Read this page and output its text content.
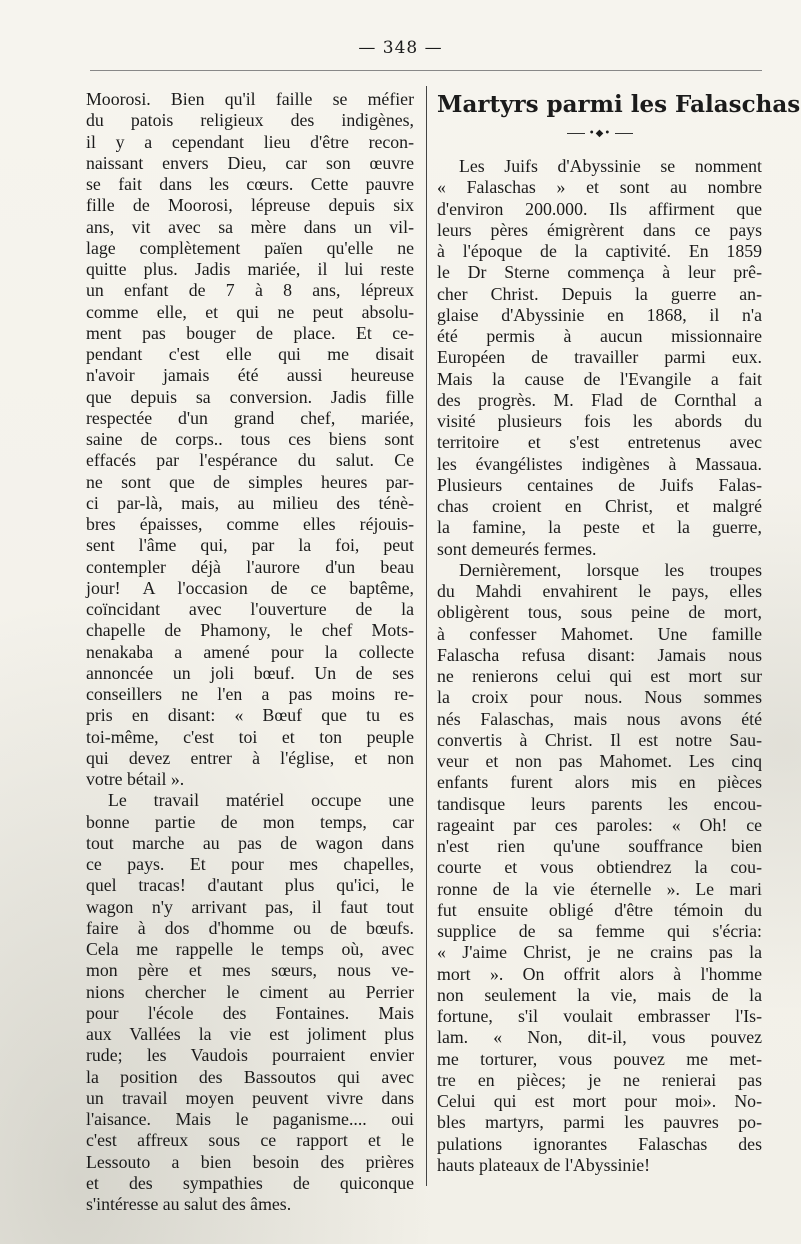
— 348 —
Moorosi. Bien qu'il faille se méfier
du patois religieux des indigènes,
il y a cependant lieu d'être recon-
naissant envers Dieu, car son œuvre
se fait dans les cœurs. Cette pauvre
fille de Moorosi, lépreuse depuis six
ans, vit avec sa mère dans un vil-
lage complètement païen qu'elle ne
quitte plus. Jadis mariée, il lui reste
un enfant de 7 à 8 ans, lépreux
comme elle, et qui ne peut absolu-
ment pas bouger de place. Et ce-
pendant c'est elle qui me disait
n'avoir jamais été aussi heureuse
que depuis sa conversion. Jadis fille
respectée d'un grand chef, mariée,
saine de corps.. tous ces biens sont
effacés par l'espérance du salut. Ce
ne sont que de simples heures par-
ci par-là, mais, au milieu des ténè-
bres épaisses, comme elles réjouis-
sent l'âme qui, par la foi, peut
contempler déjà l'aurore d'un beau
jour! A l'occasion de ce baptême,
coïncidant avec l'ouverture de la
chapelle de Phamony, le chef Mots-
nenakaba a amené pour la collecte
annoncée un joli bœuf. Un de ses
conseillers ne l'en a pas moins re-
pris en disant: « Bœuf que tu es
toi-même, c'est toi et ton peuple
qui devez entrer à l'église, et non
votre bétail ».
Le travail matériel occupe une
bonne partie de mon temps, car
tout marche au pas de wagon dans
ce pays. Et pour mes chapelles,
quel tracas! d'autant plus qu'ici, le
wagon n'y arrivant pas, il faut tout
faire à dos d'homme ou de bœufs.
Cela me rappelle le temps où, avec
mon père et mes sœurs, nous ve-
nions chercher le ciment au Perrier
pour l'école des Fontaines. Mais
aux Vallées la vie est joliment plus
rude; les Vaudois pourraient envier
la position des Bassoutos qui avec
un travail moyen peuvent vivre dans
l'aisance. Mais le paganisme.... oui
c'est affreux sous ce rapport et le
Lessouto a bien besoin des prières
et des sympathies de quiconque
s'intéresse au salut des âmes.
Martyrs parmi les Falaschas
•◆•
Les Juifs d'Abyssinie se nomment
« Falaschas » et sont au nombre
d'environ 200.000. Ils affirment que
leurs pères émigrèrent dans ce pays
à l'époque de la captivité. En 1859
le Dr Sterne commença à leur prê-
cher Christ. Depuis la guerre an-
glaise d'Abyssinie en 1868, il n'a
été permis à aucun missionnaire
Européen de travailler parmi eux.
Mais la cause de l'Evangile a fait
des progrès. M. Flad de Cornthal a
visité plusieurs fois les abords du
territoire et s'est entretenus avec
les évangélistes indigènes à Massaua.
Plusieurs centaines de Juifs Falas-
chas croient en Christ, et malgré
la famine, la peste et la guerre,
sont demeurés fermes.
Dernièrement, lorsque les troupes
du Mahdi envahirent le pays, elles
obligèrent tous, sous peine de mort,
à confesser Mahomet. Une famille
Falascha refusa disant: Jamais nous
ne renierons celui qui est mort sur
la croix pour nous. Nous sommes
nés Falaschas, mais nous avons été
convertis à Christ. Il est notre Sau-
veur et non pas Mahomet. Les cinq
enfants furent alors mis en pièces
tandisque leurs parents les encou-
rageaint par ces paroles: « Oh! ce
n'est rien qu'une souffrance bien
courte et vous obtiendrez la cou-
ronne de la vie éternelle ». Le mari
fut ensuite obligé d'être témoin du
supplice de sa femme qui s'écria:
« J'aime Christ, je ne crains pas la
mort ». On offrit alors à l'homme
non seulement la vie, mais de la
fortune, s'il voulait embrasser l'Is-
lam. « Non, dit-il, vous pouvez
me torturer, vous pouvez me met-
tre en pièces; je ne renierai pas
Celui qui est mort pour moi». No-
bles martyrs, parmi les pauvres po-
pulations ignorantes Falaschas des
hauts plateaux de l'Abyssinie!
